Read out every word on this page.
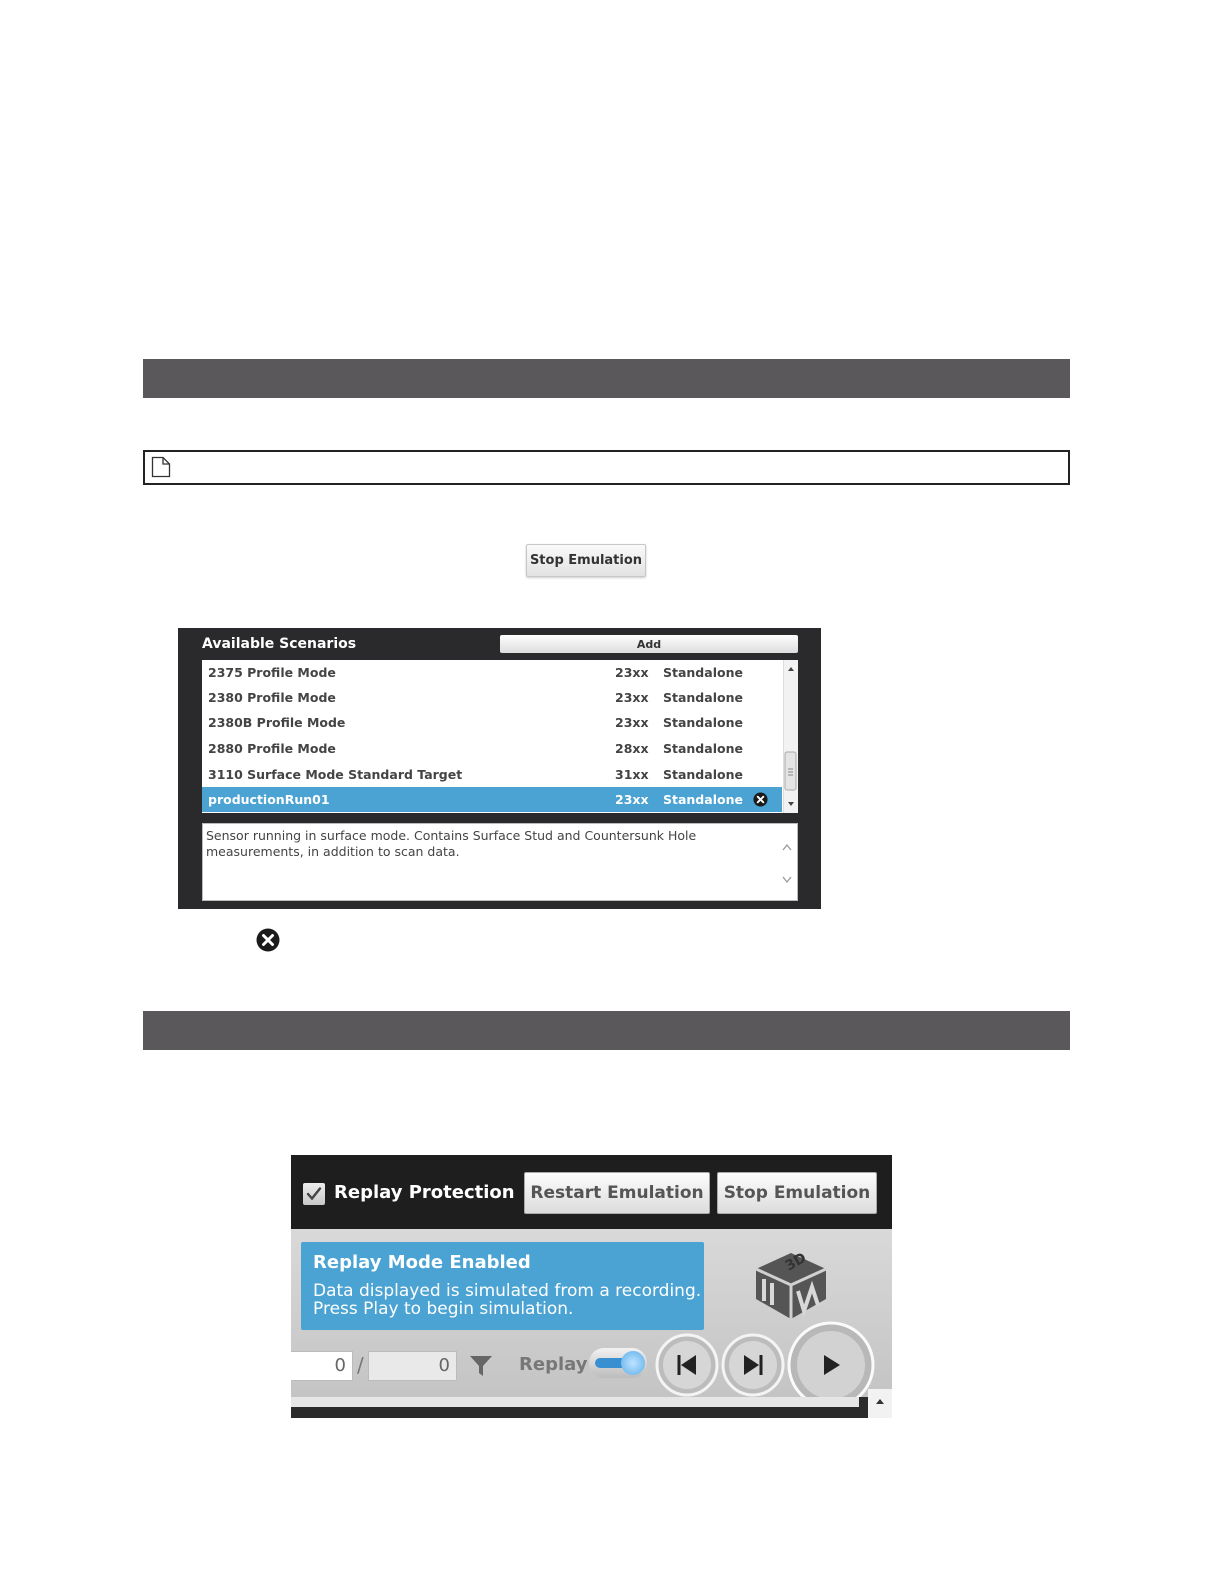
Stop Emulation
Available Scenarios	Add
2375 Profile Mode	23xx Standalone
2380 Profile Mode	23xx Standalone
2380B Profile Mode	23xx Standalone
2880 Profile Mode	28xx Standalone
3110 Surface Mode Standard Target	31xx Standalone
productionRun01	23xx Standalone
Sensor running in surface mode. Contains Surface Stud and Countersunk Hole measurements, in addition to scan data.
Replay Protection Restart Emulation	Stop Emulation
Replay Mode Enabled
Data displayed is simulated from a recording.
Press Play to begin simulation.
3D
0 /	0	Replay
